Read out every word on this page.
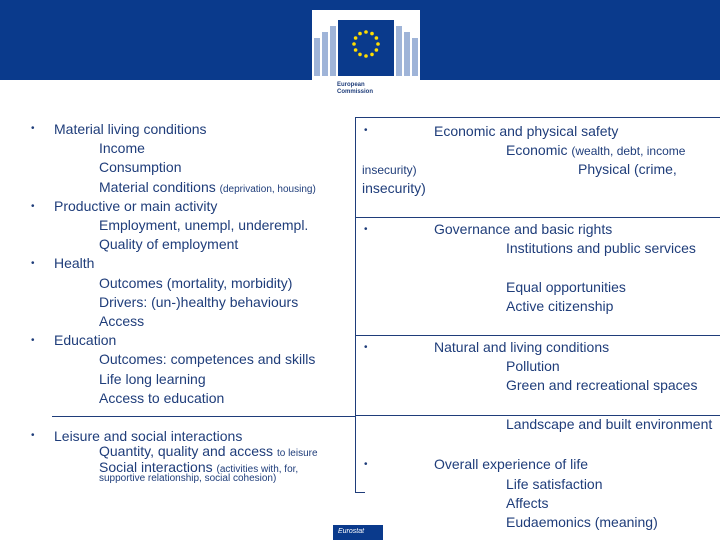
European
Commission
•
•
•
•
•
Material living conditions
Income
Consumption
Material conditions (deprivation, housing)
Productive or main activity
Employment, unempl, underempl.
Quality of employment
Health
Outcomes (mortality, morbidity)
Drivers: (un-)healthy behaviours
Access
Education
Outcomes: competences and skills
Life long learning
Access to education
Leisure and social interactions
Quantity, quality and access to leisure
Social interactions (activities with, for,
supportive relationship, social cohesion)
•
•
•
•
Economic and physical safety
Economic (wealth, debt, income
insecurity)	Physical (crime,
insecurity)
Governance and basic rights
Institutions and public services
Equal opportunities
Active citizenship
Natural and living conditions
Pollution
Green and recreational spaces
Landscape and built environment
Overall experience of life
Life satisfaction
Affects
Eudaemonics (meaning)
Eurostat
